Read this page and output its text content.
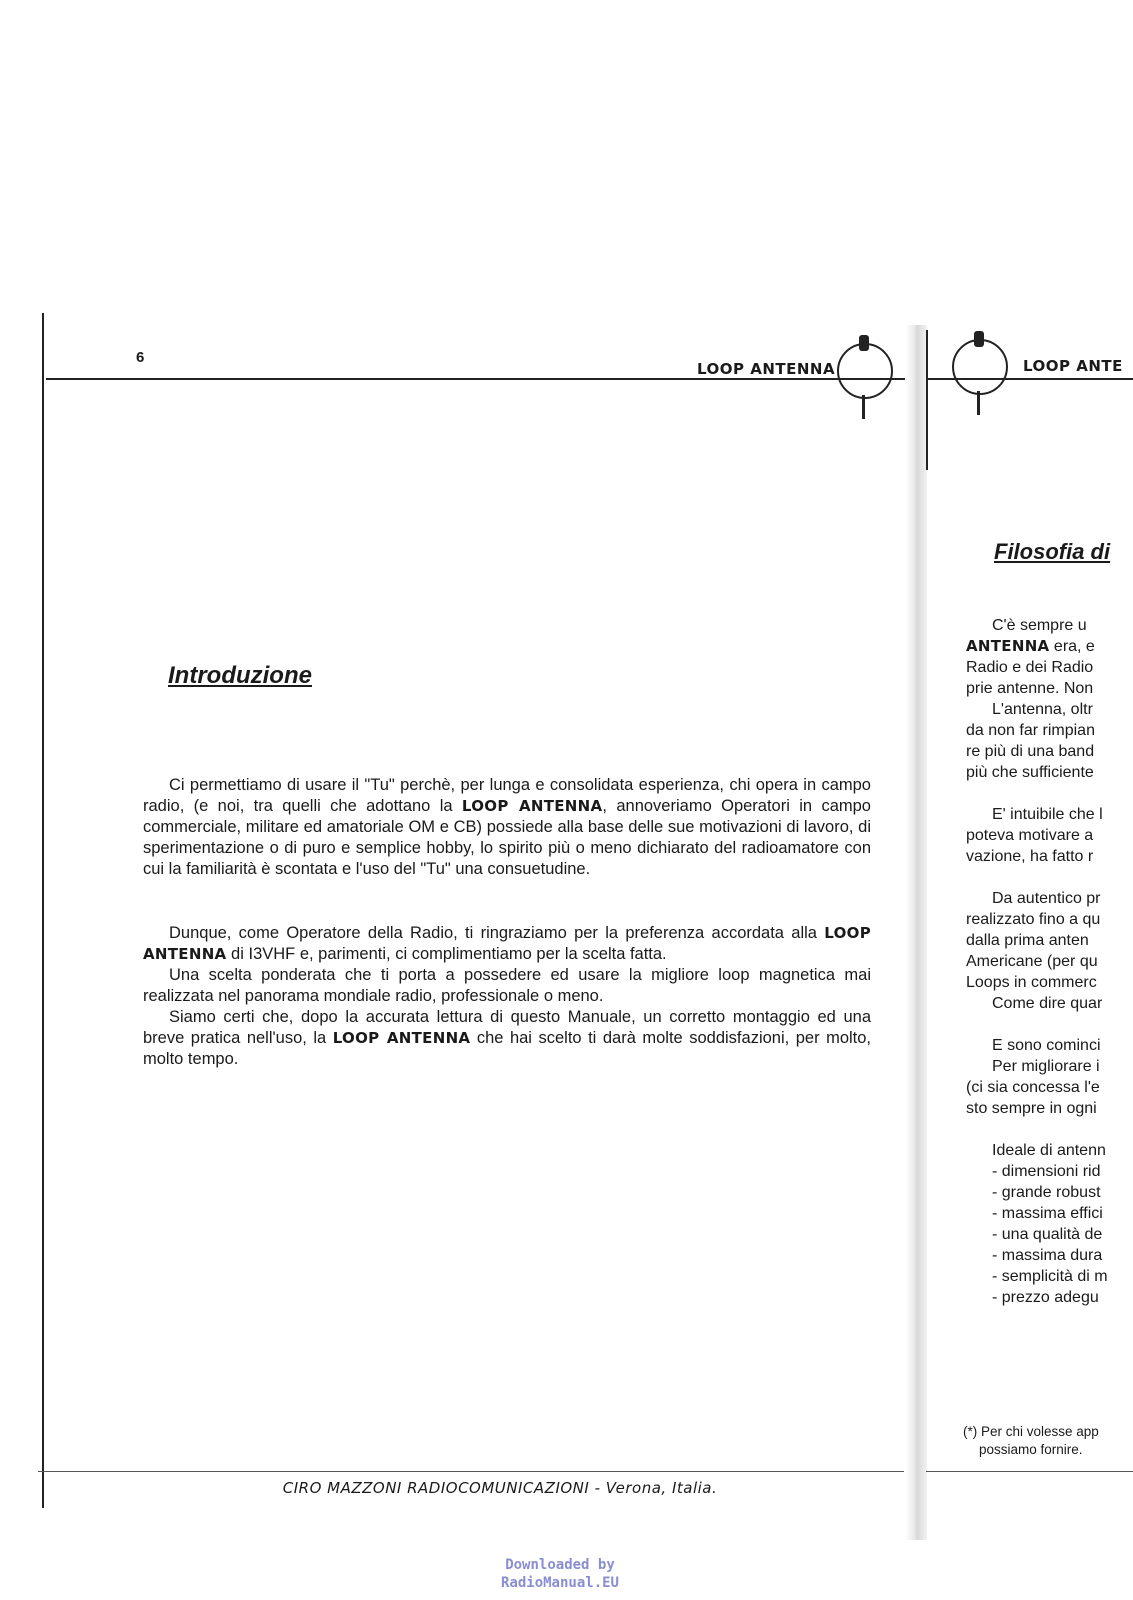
6
LOOP ANTENNA	LOOP ANTE
Introduzione

Ci permettiamo di usare il "Tu" perchè, per lunga e consolidata esperienza, chi opera in campo radio, (e noi, tra quelli che adottano la LOOP ANTENNA, annoveriamo Operatori in campo commerciale, militare ed amatoriale OM e CB) possiede alla base delle sue motivazioni di lavoro, di sperimentazione o di puro e semplice hobby, lo spirito più o meno dichiarato del radioamatore con cui la familiarità è scontata e l'uso del "Tu" una consuetudine.

Dunque, come Operatore della Radio, ti ringraziamo per la preferenza accordata alla LOOP ANTENNA di I3VHF e, parimenti, ci complimentiamo per la scelta fatta.

Una scelta ponderata che ti porta a possedere ed usare la migliore loop magnetica mai realizzata nel panorama mondiale radio, professionale o meno.

Siamo certi che, dopo la accurata lettura di questo Manuale, un corretto montaggio ed una breve pratica nell'uso, la LOOP ANTENNA che hai scelto ti darà molte soddisfazioni, per molto, molto tempo.

Filosofia di
C'è sempre u
ANTENNA era, e
Radio e dei Radio
prie antenne. Non
L'antenna, oltr
da non far rimpian
re più di una band
più che sufficiente
E' intuibile che l
poteva motivare a
vazione, ha fatto r
Da autentico pr
realizzato fino a qu
dalla prima anten
Americane (per qu
Loops in commerc
Come dire quar
E sono cominci
Per migliorare i
(ci sia concessa l'e
sto sempre in ogni
Ideale di antenn
- dimensioni rid
- grande robust
- massima effici
- una qualità de
- massima dura
- semplicità di m
- prezzo adegu
(*) Per chi volesse app
possiamo fornire.
CIRO MAZZONI RADIOCOMUNICAZIONI - Verona, Italia.
Downloaded by
RadioManual.EU
